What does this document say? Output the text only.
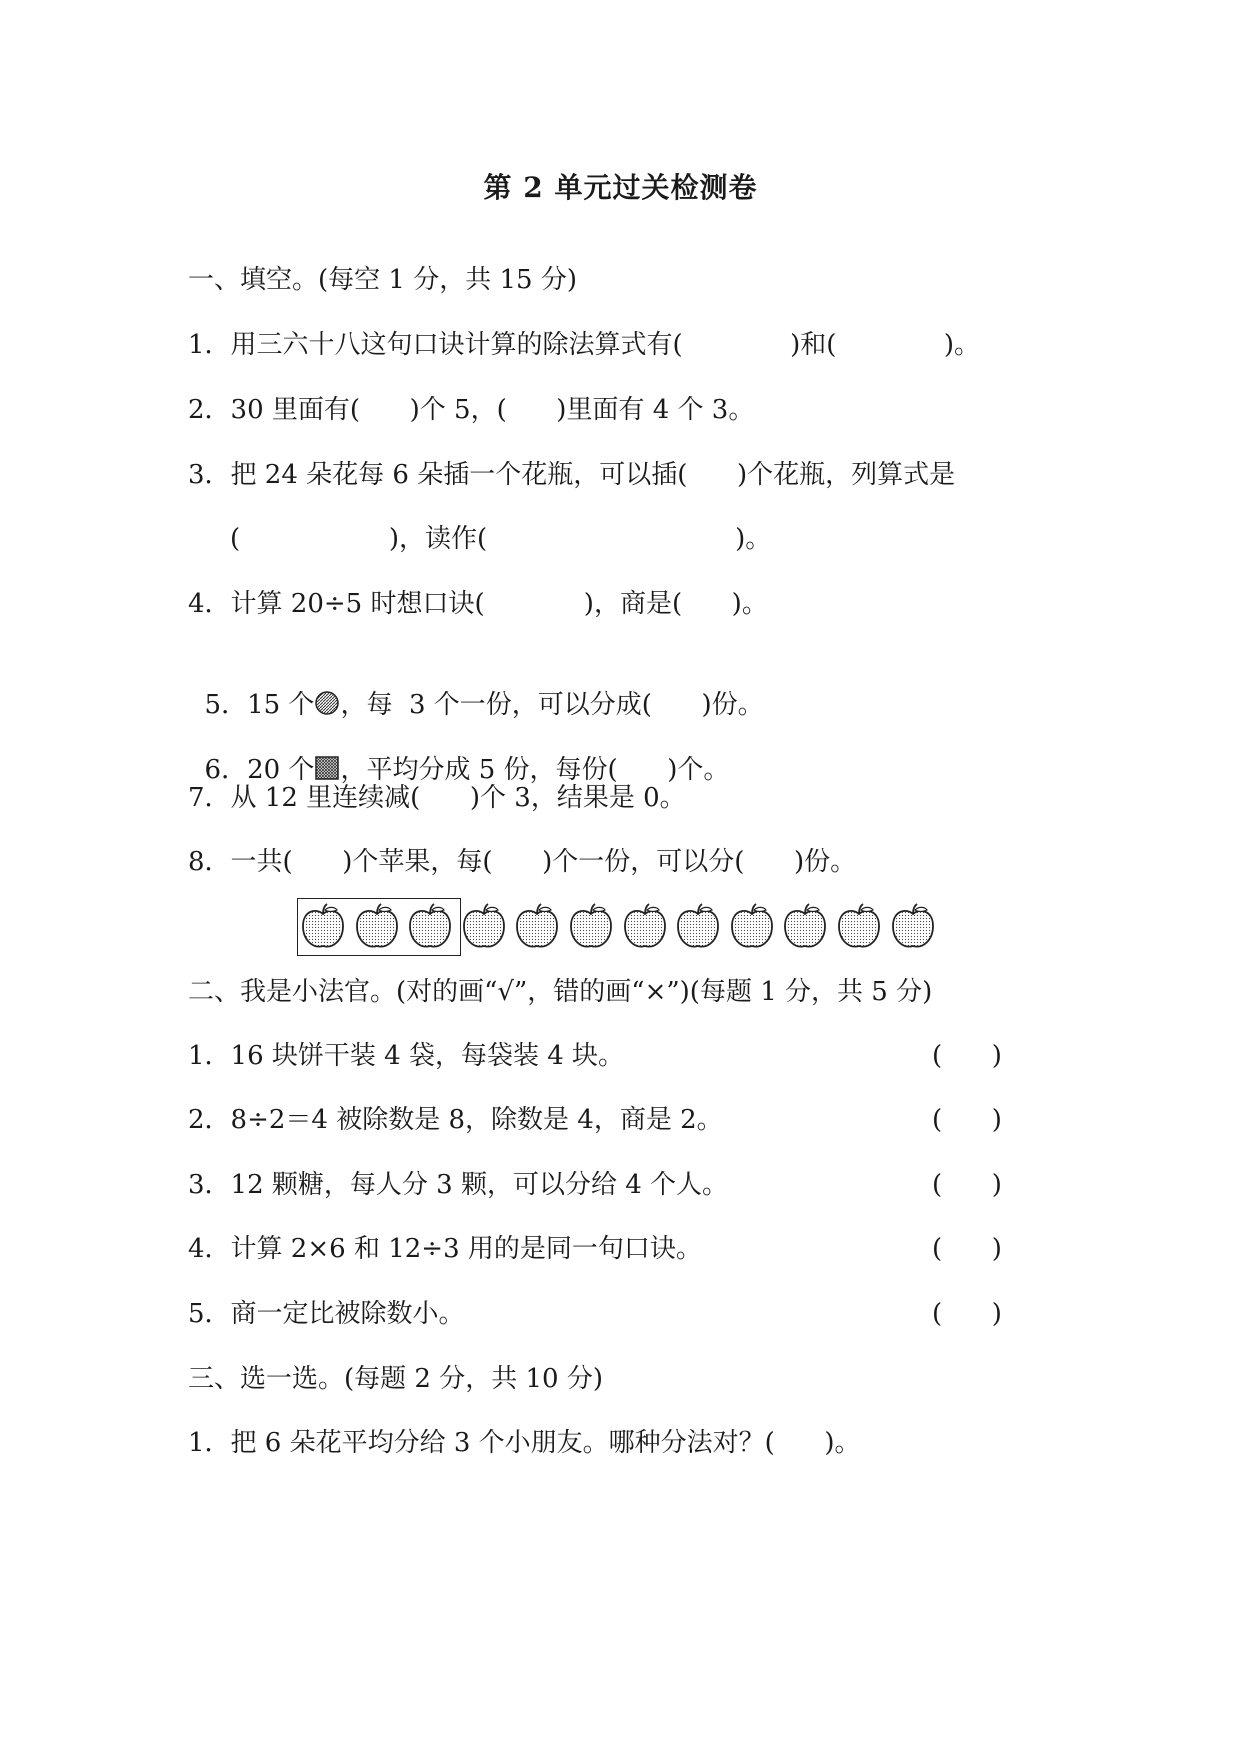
第 2 单元过关检测卷
一、填空。(每空 1 分，共 15 分)
1．用三六十八这句口诀计算的除法算式有(             )和(             )。
2．30 里面有(      )个 5，(      )里面有 4 个 3。
3．把 24 朵花每 6 朵插一个花瓶，可以插(      )个花瓶，列算式是
(                  )，读作(                              )。
4．计算 20÷5 时想口诀(            )，商是(      )。

5．15 个 ，每  3 个一份，可以分成(      )份。

6．20 个 ，平均分成 5 份，每份(      )个。

7．从 12 里连续减(      )个 3，结果是 0。
8．一共(      )个苹果，每(      )个一份，可以分(      )份。
二、我是小法官。(对的画“√”，错的画“×”)(每题 1 分，共 5 分)
1．16 块饼干装 4 袋，每袋装 4 块。	(      )
2．8÷2＝4 被除数是 8，除数是 4，商是 2。	(      )
3．12 颗糖，每人分 3 颗，可以分给 4 个人。	(      )
4．计算 2×6 和 12÷3 用的是同一句口诀。	(      )
5．商一定比被除数小。	(      )
三、选一选。(每题 2 分，共 10 分)
1．把 6 朵花平均分给 3 个小朋友。哪种分法对？(      )。
